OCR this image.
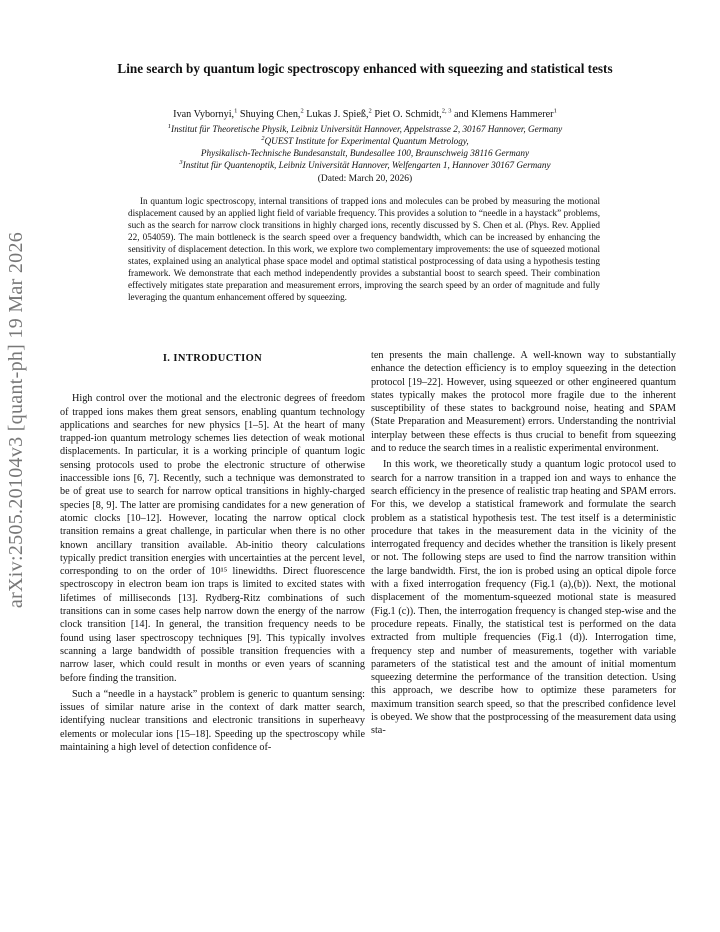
arXiv:2505.20104v3 [quant-ph] 19 Mar 2026
Line search by quantum logic spectroscopy enhanced with squeezing and statistical tests
Ivan Vybornyi,$^1$ Shuying Chen,$^2$ Lukas J. Spieß,$^2$ Piet O. Schmidt,$^{2, 3}$ and Klemens Hammerer$^1$
$^1$Institut für Theoretische Physik, Leibniz Universität Hannover, Appelstrasse 2, 30167 Hannover, Germany
$^2$QUEST Institute for Experimental Quantum Metrology,
Physikalisch-Technische Bundesanstalt, Bundesallee 100, Braunschweig 38116 Germany
$^3$Institut für Quantenoptik, Leibniz Universität Hannover, Welfengarten 1, Hannover 30167 Germany
(Dated: March 20, 2026)
In quantum logic spectroscopy, internal transitions of trapped ions and molecules can be probed by measuring the motional displacement caused by an applied light field of variable frequency. This provides a solution to “needle in a haystack” problems, such as the search for narrow clock transitions in highly charged ions, recently discussed by S. Chen et al. (Phys. Rev. Applied 22, 054059). The main bottleneck is the search speed over a frequency bandwidth, which can be increased by enhancing the sensitivity of displacement detection. In this work, we explore two complementary improvements: the use of squeezed motional states, explained using an analytical phase space model and optimal statistical postprocessing of data using a hypothesis testing framework. We demonstrate that each method independently provides a substantial boost to search speed. Their combination effectively mitigates state preparation and measurement errors, improving the search speed by an order of magnitude and fully leveraging the quantum enhancement offered by squeezing.
I. INTRODUCTION

High control over the motional and the electronic degrees of freedom of trapped ions makes them great sensors, enabling quantum technology applications and searches for new physics [1–5]. At the heart of many trapped-ion quantum metrology schemes lies detection of weak motional displacements. In particular, it is a working principle of quantum logic sensing protocols used to probe the electronic structure of otherwise inaccessible ions [6, 7]. Recently, such a technique was demonstrated to be of great use to search for narrow optical transitions in highly-charged species [8, 9]. The latter are promising candidates for a new generation of atomic clocks [10–12]. However, locating the narrow optical clock transition remains a great challenge, in particular when there is no other known ancillary transition available. Ab-initio theory calculations typically predict transition energies with uncertainties at the percent level, corresponding to on the order of 10¹⁵ linewidths. Direct fluorescence spectroscopy in electron beam ion traps is limited to excited states with lifetimes of milliseconds [13]. Rydberg-Ritz combinations of such transitions can in some cases help narrow down the energy of the narrow clock transition [14]. In general, the transition frequency needs to be found using laser spectroscopy techniques [9]. This typically involves scanning a large bandwidth of possible transition frequencies with a narrow laser, which could result in months or even years of scanning before finding the transition.

Such a “needle in a haystack” problem is generic to quantum sensing: issues of similar nature arise in the context of dark matter search, identifying nuclear transitions and electronic transitions in superheavy elements or molecular ions [15–18]. Speeding up the spectroscopy while maintaining a high level of detection confidence of-

ten presents the main challenge. A well-known way to substantially enhance the detection efficiency is to employ squeezing in the detection protocol [19–22]. However, using squeezed or other engineered quantum states typically makes the protocol more fragile due to the inherent susceptibility of these states to background noise, heating and SPAM (State Preparation and Measurement) errors. Understanding the nontrivial interplay between these effects is thus crucial to benefit from squeezing and to reduce the search times in a realistic experimental environment.

In this work, we theoretically study a quantum logic protocol used to search for a narrow transition in a trapped ion and ways to enhance the search efficiency in the presence of realistic trap heating and SPAM errors. For this, we develop a statistical framework and formulate the search problem as a statistical hypothesis test. The test itself is a deterministic procedure that takes in the measurement data in the vicinity of the interrogated frequency and decides whether the transition is likely present or not. The following steps are used to find the narrow transition within the large bandwidth. First, the ion is probed using an optical dipole force with a fixed interrogation frequency (Fig.1 (a),(b)). Next, the motional displacement of the momentum-squeezed motional state is measured (Fig.1 (c)). Then, the interrogation frequency is changed step-wise and the procedure repeats. Finally, the statistical test is performed on the data extracted from multiple frequencies (Fig.1 (d)). Interrogation time, frequency step and number of measurements, together with variable parameters of the statistical test and the amount of initial momentum squeezing determine the performance of the transition detection. Using this approach, we describe how to optimize these parameters for maximum transition search speed, so that the prescribed confidence level is obeyed. We show that the postprocessing of the measurement data using sta-
